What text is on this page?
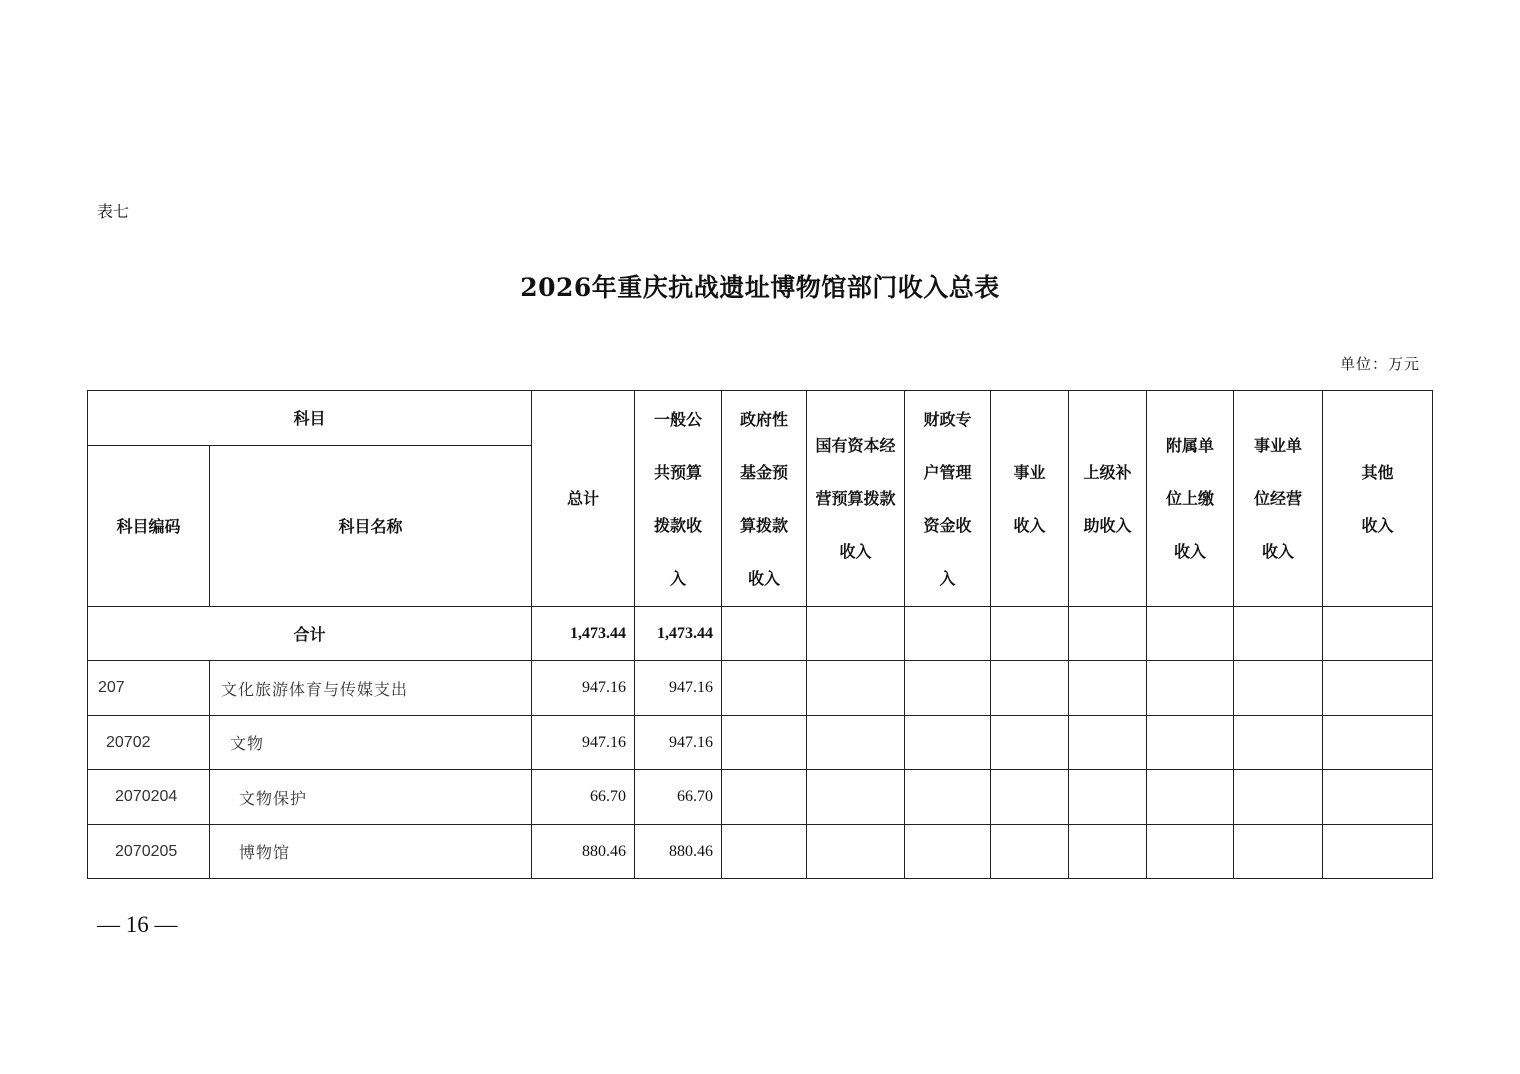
表七
2026年重庆抗战遗址博物馆部门收入总表
单位：万元
科目		总计	一般公共预算拨款收入	政府性基金预算拨款收入	国有资本经营预算拨款收入	财政专户管理资金收入	事业收入	上级补助收入	附属单位上缴收入	事业单位经营收入	其他收入
科目编码	科目名称										
合计		1,473.44	1,473.44								
207	文化旅游体育与传媒支出	947.16	947.16								
20702	文物	947.16	947.16								
2070204	文物保护	66.70	66.70								
2070205	博物馆	880.46	880.46								
— 16 —
